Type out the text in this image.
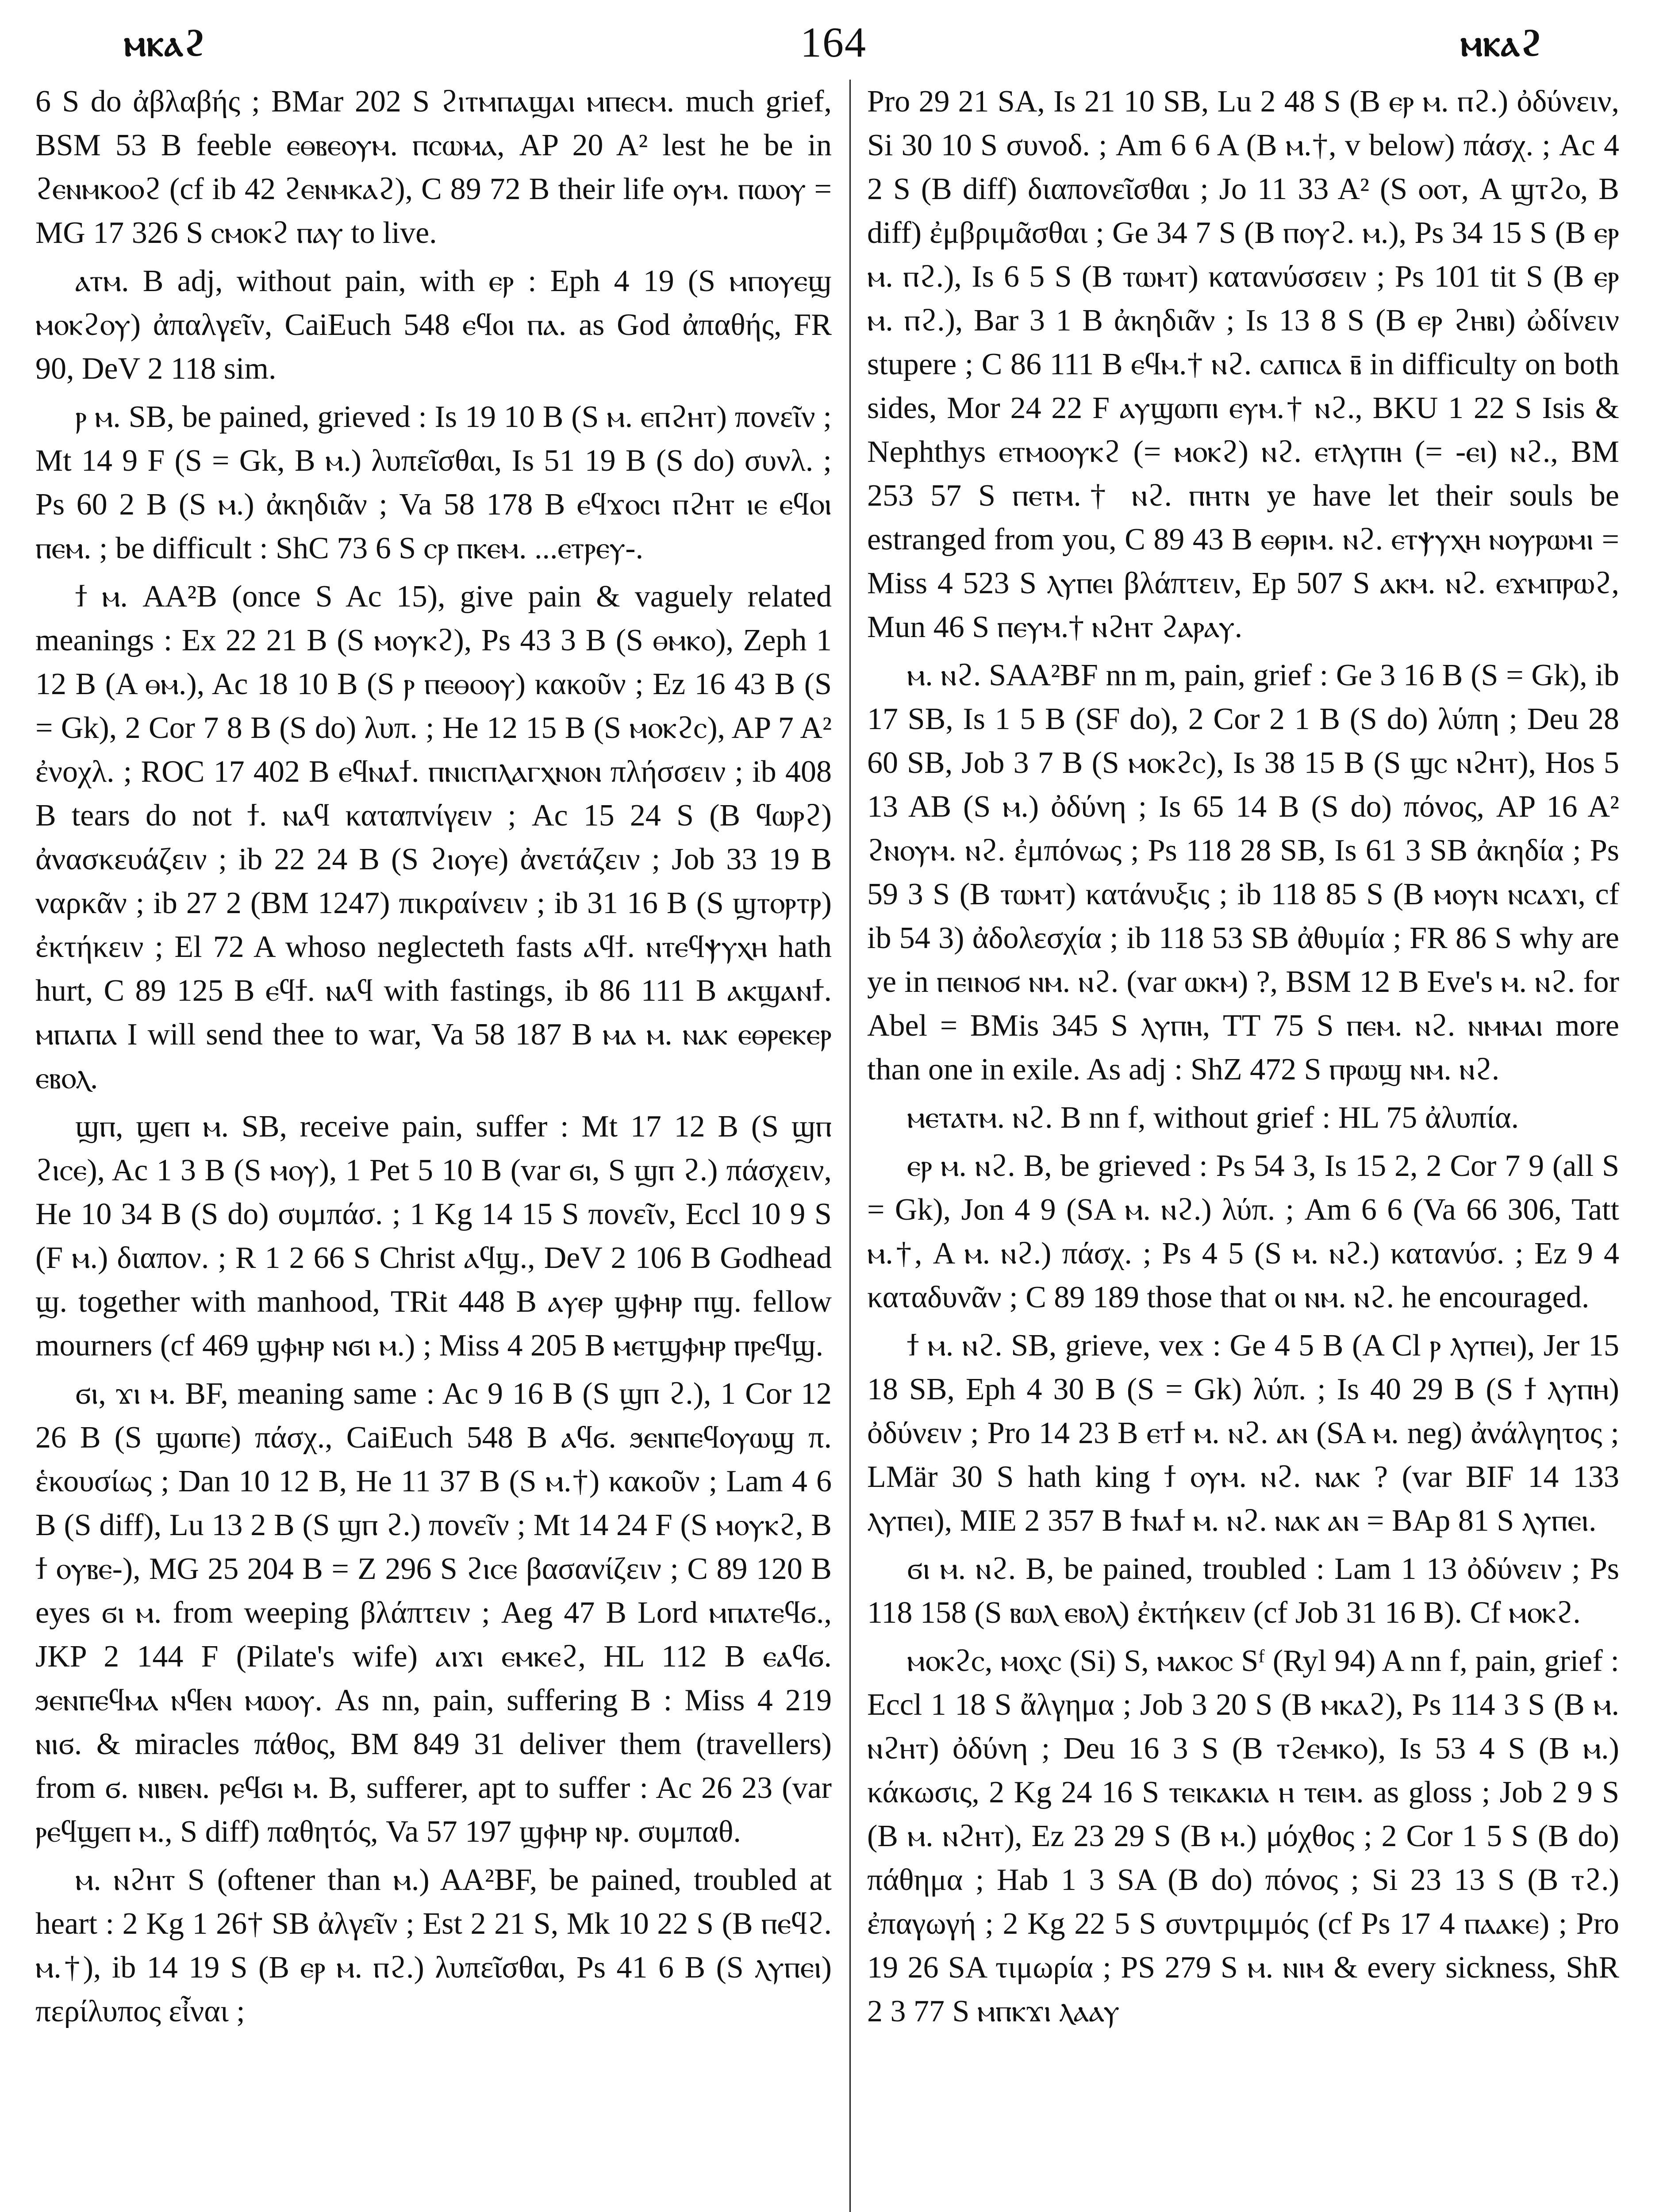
ⲙⲕⲁϩ	164	ⲙⲕⲁϩ

6 S do ἀβλαβής ; BMar 202 S ϩⲓⲧⲙⲡⲁϣⲁⲓ ⲙⲡⲉⲥⲙ. much grief, BSM 53 B feeble ⲉⲑⲃⲉⲟⲩⲙ. ⲡⲥⲱⲙⲁ, AP 20 A² lest he be in ϩⲉⲛⲙⲕⲟⲟϩ (cf ib 42 ϩⲉⲛⲙⲕⲁϩ), C 89 72 B their life ⲟⲩⲙ. ⲡⲱⲟⲩ = MG 17 326 S ⲥⲙⲟⲕϩ ⲡⲁⲩ to live.

ⲁⲧⲙ. B adj, without pain, with ⲉⲣ : Eph 4 19 (S ⲙⲡⲟⲩⲉϣ ⲙⲟⲕϩⲟⲩ) ἀπαλγεῖν, CaiEuch 548 ⲉϥⲟⲓ ⲡⲁ. as God ἀπαθής, FR 90, DeV 2 118 sim.

ⲣ ⲙ. SB, be pained, grieved : Is 19 10 B (S ⲙ. ⲉⲡϩⲏⲧ) πονεῖν ; Mt 14 9 F (S = Gk, B ⲙ.) λυπεῖσθαι, Is 51 19 B (S do) συνλ. ; Ps 60 2 B (S ⲙ.) ἀκηδιᾶν ; Va 58 178 B ⲉϥϫⲟⲥⲓ ⲡϩⲏⲧ ⲓⲉ ⲉϥⲟⲓ ⲡⲉⲙ. ; be difficult : ShC 73 6 S ⲥⲣ ⲡⲕⲉⲙ. ...ⲉⲧⲣⲉⲩ-.

ϯ ⲙ. AA²B (once S Ac 15), give pain & vaguely related meanings : Ex 22 21 B (S ⲙⲟⲩⲕϩ), Ps 43 3 B (S ⲑⲙⲕⲟ), Zeph 1 12 B (A ⲑⲙ.), Ac 18 10 B (S ⲣ ⲡⲉⲑⲟⲟⲩ) κακοῦν ; Ez 16 43 B (S = Gk), 2 Cor 7 8 B (S do) λυπ. ; He 12 15 B (S ⲙⲟⲕϩⲥ), AP 7 A² ἐνοχλ. ; ROC 17 402 B ⲉϥⲛⲁϯ. ⲡⲛⲓⲥⲡⲗⲁⲅⲭⲛⲟⲛ πλήσσειν ; ib 408 B tears do not ϯ. ⲛⲁϥ καταπνίγειν ; Ac 15 24 S (B ϥⲱⲣϩ) ἀνασκευάζειν ; ib 22 24 B (S ϩⲓⲟⲩⲉ) ἀνετάζειν ; Job 33 19 B ναρκᾶν ; ib 27 2 (BM 1247) πικραίνειν ; ib 31 16 B (S ϣⲧⲟⲣⲧⲣ) ἐκτήκειν ; El 72 A whoso neglecteth fasts ⲁϥϯ. ⲛⲧⲉϥⲯⲩⲭⲏ hath hurt, C 89 125 B ⲉϥϯ. ⲛⲁϥ with fastings, ib 86 111 B ⲁⲕϣⲁⲛϯ. ⲙⲡⲁⲡⲁ I will send thee to war, Va 58 187 B ⲙⲁ ⲙ. ⲛⲁⲕ ⲉⲑⲣⲉⲕⲉⲣ ⲉⲃⲟⲗ.

ϣⲡ, ϣⲉⲡ ⲙ. SB, receive pain, suffer : Mt 17 12 B (S ϣⲡ ϩⲓⲥⲉ), Ac 1 3 B (S ⲙⲟⲩ), 1 Pet 5 10 B (var ϭⲓ, S ϣⲡ ϩ.) πάσχειν, He 10 34 B (S do) συμπάσ. ; 1 Kg 14 15 S πονεῖν, Eccl 10 9 S (F ⲙ.) διαπον. ; R 1 2 66 S Christ ⲁϥϣ., DeV 2 106 B Godhead ϣ. together with manhood, TRit 448 B ⲁⲩⲉⲣ ϣⲫⲏⲣ ⲡϣ. fellow mourners (cf 469 ϣⲫⲏⲣ ⲛϭⲓ ⲙ.) ; Miss 4 205 B ⲙⲉⲧϣⲫⲏⲣ ⲡⲣⲉϥϣ.

ϭⲓ, ϫⲓ ⲙ. BF, meaning same : Ac 9 16 B (S ϣⲡ ϩ.), 1 Cor 12 26 B (S ϣⲱⲡⲉ) πάσχ., CaiEuch 548 B ⲁϥϭ. ϧⲉⲛⲡⲉϥⲟⲩⲱϣ π. ἑκουσίως ; Dan 10 12 B, He 11 37 B (S ⲙ.†) κακοῦν ; Lam 4 6 B (S diff), Lu 13 2 B (S ϣⲡ ϩ.) πονεῖν ; Mt 14 24 F (S ⲙⲟⲩⲕϩ, B ϯ ⲟⲩⲃⲉ-), MG 25 204 B = Z 296 S ϩⲓⲥⲉ βασανίζειν ; C 89 120 B eyes ϭⲓ ⲙ. from weeping βλάπτειν ; Aeg 47 B Lord ⲙⲡⲁⲧⲉϥϭ., JKP 2 144 F (Pilate's wife) ⲁⲓϫⲓ ⲉⲙⲕⲉϩ, HL 112 B ⲉⲁϥϭ. ϧⲉⲛⲡⲉϥⲙⲁ ⲛϥⲉⲛ ⲙⲱⲟⲩ. As nn, pain, suffering B : Miss 4 219 ⲛⲓϭ. & miracles πάθος, BM 849 31 deliver them (travellers) from ϭ. ⲛⲓⲃⲉⲛ. ⲣⲉϥϭⲓ ⲙ. B, sufferer, apt to suffer : Ac 26 23 (var ⲣⲉϥϣⲉⲡ ⲙ., S diff) παθητός, Va 57 197 ϣⲫⲏⲣ ⲛⲣ. συμπαθ.

ⲙ. ⲛϩⲏⲧ S (oftener than ⲙ.) AA²BF, be pained, troubled at heart : 2 Kg 1 26† SB ἀλγεῖν ; Est 2 21 S, Mk 10 22 S (B ⲡⲉϥϩ. ⲙ.†), ib 14 19 S (B ⲉⲣ ⲙ. ⲡϩ.) λυπεῖσθαι, Ps 41 6 B (S ⲗⲩⲡⲉⲓ) περίλυπος εἶναι ;

Pro 29 21 SA, Is 21 10 SB, Lu 2 48 S (B ⲉⲣ ⲙ. ⲡϩ.) ὀδύνειν, Si 30 10 S συνοδ. ; Am 6 6 A (B ⲙ.†, v below) πάσχ. ; Ac 4 2 S (B diff) διαπονεῖσθαι ; Jo 11 33 A² (S ⲟⲟⲧ, A ϣⲧϩⲟ, B diff) ἐμβριμᾶσθαι ; Ge 34 7 S (B ⲡⲟⲩϩ. ⲙ.), Ps 34 15 S (B ⲉⲣ ⲙ. ⲡϩ.), Is 6 5 S (B ⲧⲱⲙⲧ) κατανύσσειν ; Ps 101 tit S (B ⲉⲣ ⲙ. ⲡϩ.), Bar 3 1 B ἀκηδιᾶν ; Is 13 8 S (B ⲉⲣ ϩⲏⲃⲓ) ὠδίνειν stupere ; C 86 111 B ⲉϥⲙ.† ⲛϩ. ⲥⲁⲡⲓⲥⲁ ⲃ̄ in difficulty on both sides, Mor 24 22 F ⲁⲩϣⲱⲡⲓ ⲉⲩⲙ.† ⲛϩ., BKU 1 22 S Isis & Nephthys ⲉⲧⲙⲟⲟⲩⲕϩ (= ⲙⲟⲕϩ) ⲛϩ. ⲉⲧⲗⲩⲡⲏ (= -ⲉⲓ) ⲛϩ., BM 253 57 S ⲡⲉⲧⲙ.† ⲛϩ. ⲡⲏⲧⲛ ye have let their souls be estranged from you, C 89 43 B ⲉⲑⲣⲓⲙ. ⲛϩ. ⲉⲧⲯⲩⲭⲏ ⲛⲟⲩⲣⲱⲙⲓ = Miss 4 523 S ⲗⲩⲡⲉⲓ βλάπτειν, Ep 507 S ⲁⲕⲙ. ⲛϩ. ⲉϫⲙⲡⲣⲱϩ, Mun 46 S ⲡⲉⲩⲙ.† ⲛϩⲏⲧ ϩⲁⲣⲁⲩ.

ⲙ. ⲛϩ. SAA²BF nn m, pain, grief : Ge 3 16 B (S = Gk), ib 17 SB, Is 1 5 B (SF do), 2 Cor 2 1 B (S do) λύπη ; Deu 28 60 SB, Job 3 7 B (S ⲙⲟⲕϩⲥ), Is 38 15 B (S ϣⲥ ⲛϩⲏⲧ), Hos 5 13 AB (S ⲙ.) ὀδύνη ; Is 65 14 B (S do) πόνος, AP 16 A² ϩⲛⲟⲩⲙ. ⲛϩ. ἐμπόνως ; Ps 118 28 SB, Is 61 3 SB ἀκηδία ; Ps 59 3 S (B ⲧⲱⲙⲧ) κατάνυξις ; ib 118 85 S (B ⲙⲟⲩⲛ ⲛⲥⲁϫⲓ, cf ib 54 3) ἀδολεσχία ; ib 118 53 SB ἀθυμία ; FR 86 S why are ye in ⲡⲉⲓⲛⲟϭ ⲛⲙ. ⲛϩ. (var ⲱⲕⲙ) ?, BSM 12 B Eve's ⲙ. ⲛϩ. for Abel = BMis 345 S ⲗⲩⲡⲏ, TT 75 S ⲡⲉⲙ. ⲛϩ. ⲛⲙⲙⲁⲓ more than one in exile. As adj : ShZ 472 S ⲡⲣⲱϣ ⲛⲙ. ⲛϩ.

ⲙⲉⲧⲁⲧⲙ. ⲛϩ. B nn f, without grief : HL 75 ἀλυπία.

ⲉⲣ ⲙ. ⲛϩ. B, be grieved : Ps 54 3, Is 15 2, 2 Cor 7 9 (all S = Gk), Jon 4 9 (SA ⲙ. ⲛϩ.) λύπ. ; Am 6 6 (Va 66 306, Tatt ⲙ.†, A ⲙ. ⲛϩ.) πάσχ. ; Ps 4 5 (S ⲙ. ⲛϩ.) κατανύσ. ; Ez 9 4 καταδυνᾶν ; C 89 189 those that ⲟⲓ ⲛⲙ. ⲛϩ. he encouraged.

ϯ ⲙ. ⲛϩ. SB, grieve, vex : Ge 4 5 B (A Cl ⲣ ⲗⲩⲡⲉⲓ), Jer 15 18 SB, Eph 4 30 B (S = Gk) λύπ. ; Is 40 29 B (S ϯ ⲗⲩⲡⲏ) ὀδύνειν ; Pro 14 23 B ⲉⲧϯ ⲙ. ⲛϩ. ⲁⲛ (SA ⲙ. neg) ἀνάλγητος ; LMär 30 S hath king ϯ ⲟⲩⲙ. ⲛϩ. ⲛⲁⲕ ? (var BIF 14 133 ⲗⲩⲡⲉⲓ), MIE 2 357 B ϯⲛⲁϯ ⲙ. ⲛϩ. ⲛⲁⲕ ⲁⲛ = BAp 81 S ⲗⲩⲡⲉⲓ.

ϭⲓ ⲙ. ⲛϩ. B, be pained, troubled : Lam 1 13 ὀδύνειν ; Ps 118 158 (S ⲃⲱⲗ ⲉⲃⲟⲗ) ἐκτήκειν (cf Job 31 16 B). Cf ⲙⲟⲕϩ.

ⲙⲟⲕϩⲥ, ⲙⲟⲭⲥ (Si) S, ⲙⲁⲕⲟⲥ Sᶠ (Ryl 94) A nn f, pain, grief : Eccl 1 18 S ἄλγημα ; Job 3 20 S (B ⲙⲕⲁϩ), Ps 114 3 S (B ⲙ. ⲛϩⲏⲧ) ὀδύνη ; Deu 16 3 S (B ⲧϩⲉⲙⲕⲟ), Is 53 4 S (B ⲙ.) κάκωσις, 2 Kg 24 16 S ⲧⲉⲓⲕⲁⲕⲓⲁ ⲏ ⲧⲉⲓⲙ. as gloss ; Job 2 9 S (B ⲙ. ⲛϩⲏⲧ), Ez 23 29 S (B ⲙ.) μόχθος ; 2 Cor 1 5 S (B do) πάθημα ; Hab 1 3 SA (B do) πόνος ; Si 23 13 S (B ⲧϩ.) ἐπαγωγή ; 2 Kg 22 5 S συντριμμός (cf Ps 17 4 ⲡⲁⲁⲕⲉ) ; Pro 19 26 SA τιμωρία ; PS 279 S ⲙ. ⲛⲓⲙ & every sickness, ShR 2 3 77 S ⲙⲡⲕϫⲓ ⲗⲁⲁⲩ
